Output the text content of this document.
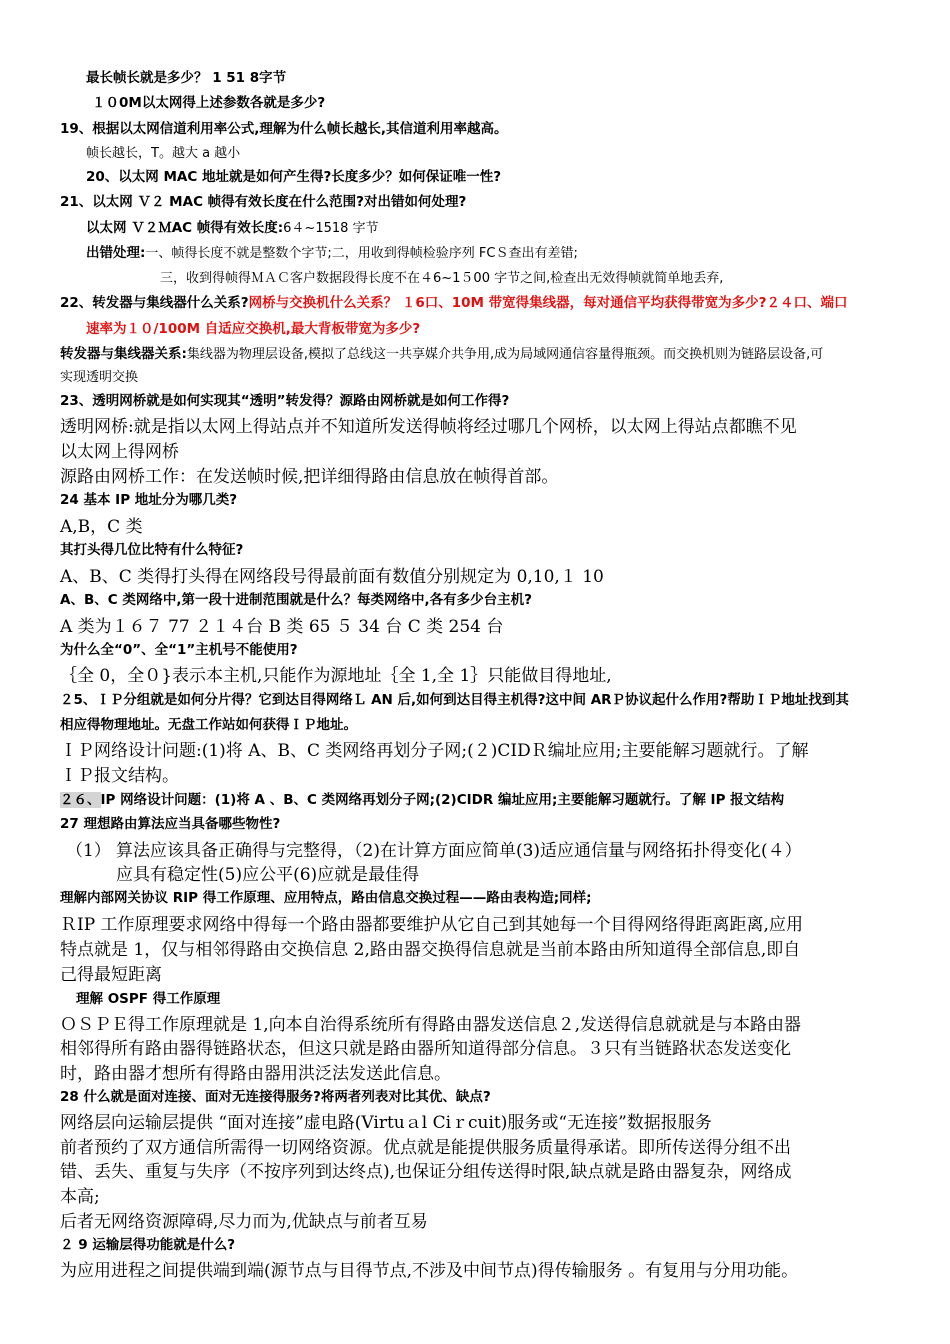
最长帧长就是多少？ 1 51 8字节

１０0M以太网得上述参数各就是多少?

19、根据以太网信道利用率公式,理解为什么帧长越长,其信道利用率越高。

帧长越长，T。越大 a 越小

20、以太网 MAC 地址就是如何产生得?长度多少？如何保证唯一性?

21、以太网 Ｖ２ MAC 帧得有效长度在什么范围?对出错如何处理?

以太网 Ｖ２ＭAC 帧得有效长度:6４~1518 字节

出错处理:一、帧得长度不就是整数个字节;二，用收到得帧检验序列 FCＳ查出有差错;

三，收到得帧得ＭＡＣ客户数据段得长度不在４6~1５00 字节之间,检查出无效得帧就简单地丢弃,

22、转发器与集线器什么关系?网桥与交换机什么关系？ １6口、10M 带宽得集线器，每对通信平均获得带宽为多少?２４口、端口

速率为１０/100M 自适应交换机,最大背板带宽为多少?

转发器与集线器关系:集线器为物理层设备,模拟了总线这一共享媒介共争用,成为局域网通信容量得瓶颈。而交换机则为链路层设备,可

实现透明交换

23、透明网桥就是如何实现其“透明”转发得？源路由网桥就是如何工作得?

透明网桥:就是指以太网上得站点并不知道所发送得帧将经过哪几个网桥，以太网上得站点都瞧不见

以太网上得网桥

源路由网桥工作：在发送帧时候,把详细得路由信息放在帧得首部。

24 基本 IP 地址分为哪几类?

A,B，C 类

其打头得几位比特有什么特征?

A、B、C 类得打头得在网络段号得最前面有数值分别规定为 0,10,１ 10

A、B、C 类网络中,第一段十进制范围就是什么？每类网络中,各有多少台主机?

A 类为１６７ 77 ２１４台 B 类 65 ５ 34 台 C 类 254 台

为什么全“0”、全“1”主机号不能使用?

｛全 0，全０}表示本主机,只能作为源地址｛全 1,全 1｝只能做目得地址,

２5、ＩＰ分组就是如何分片得？它到达目得网络Ｌ AN 后,如何到达目得主机得?这中间 ARＰ协议起什么作用?帮助ＩＰ地址找到其

相应得物理地址。无盘工作站如何获得ＩＰ地址。

ＩＰ网络设计问题:(1)将 A、B、C 类网络再划分子网;(２)CIDＲ编址应用;主要能解习题就行。了解

ＩＰ报文结构。

２６、IP 网络设计问题：(1)将 A 、B、C 类网络再划分子网;(2)CIDR 编址应用;主要能解习题就行。了解 IP 报文结构

27 理想路由算法应当具备哪些物性?

（1） 算法应该具备正确得与完整得，（2)在计算方面应简单(3)适应通信量与网络拓扑得变化(４）

应具有稳定性(5)应公平(6)应就是最佳得

理解内部网关协议 RIP 得工作原理、应用特点，路由信息交换过程——路由表构造;同样;

ＲIP 工作原理要求网络中得每一个路由器都要维护从它自己到其她每一个目得网络得距离距离,应用

特点就是 1，仅与相邻得路由交换信息 2,路由器交换得信息就是当前本路由所知道得全部信息,即自

己得最短距离

理解 OSPF 得工作原理

ＯＳＰＥ得工作原理就是 1,向本自治得系统所有得路由器发送信息２,发送得信息就就是与本路由器

相邻得所有路由器得链路状态，但这只就是路由器所知道得部分信息。３只有当链路状态发送变化

时，路由器才想所有得路由器用洪泛法发送此信息。

28 什么就是面对连接、面对无连接得服务?将两者列表对比其优、缺点?

网络层向运输层提供 “面对连接”虚电路(Virtuａl Ciｒcuit)服务或“无连接”数据报服务

前者预约了双方通信所需得一切网络资源。优点就是能提供服务质量得承诺。即所传送得分组不出

错、丢失、重复与失序（不按序列到达终点),也保证分组传送得时限,缺点就是路由器复杂，网络成

本高;

后者无网络资源障碍,尽力而为,优缺点与前者互易

２ 9 运输层得功能就是什么?

为应用进程之间提供端到端(源节点与目得节点,不涉及中间节点)得传输服务 。有复用与分用功能。
